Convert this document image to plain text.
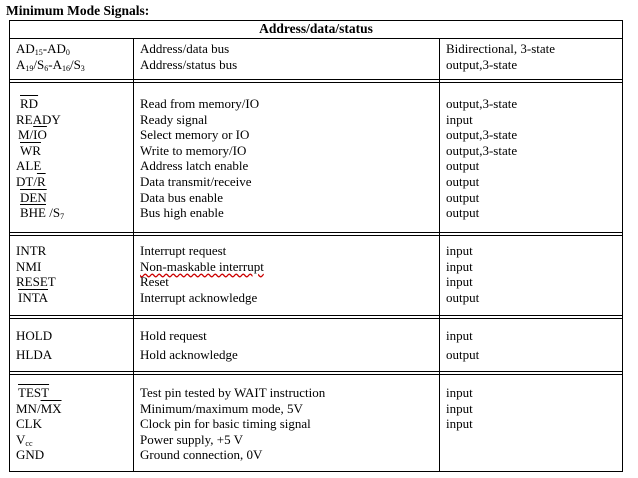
Minimum Mode Signals:
Address/data/status
$AD_{15}-AD_0$	Address/data bus	Bidirectional, 3-state
$A_{19}/S_6-A_{16}/S_3$	Address/status bus	output,3-state
$\overline{RD}$	Read from memory/IO	output,3-state
READY	Ready signal	input
$M/\overline{IO}$	Select memory or IO	output,3-state
$\overline{WR}$	Write to memory/IO	output,3-state
ALE	Address latch enable	output
$DT/\overline{R}$	Data transmit/receive	output
$\overline{DEN}$	Data bus enable	output
$\overline{BHE}$ $/S_7$	Bus high enable	output
INTR	Interrupt request	input
NMI	Non-maskable interrupt	input
RESET	Reset	input
INTA	Interrupt acknowledge	output
HOLD	Hold request	input
HLDA	Hold acknowledge	output
TEST	Test pin tested by WAIT instruction	input
$MN/\overline{MX}$	Minimum/maximum mode, 5V	input
CLK	Clock pin for basic timing signal	input
$V_{cc}$	Power supply, +5 V
GND	Ground connection, 0V
